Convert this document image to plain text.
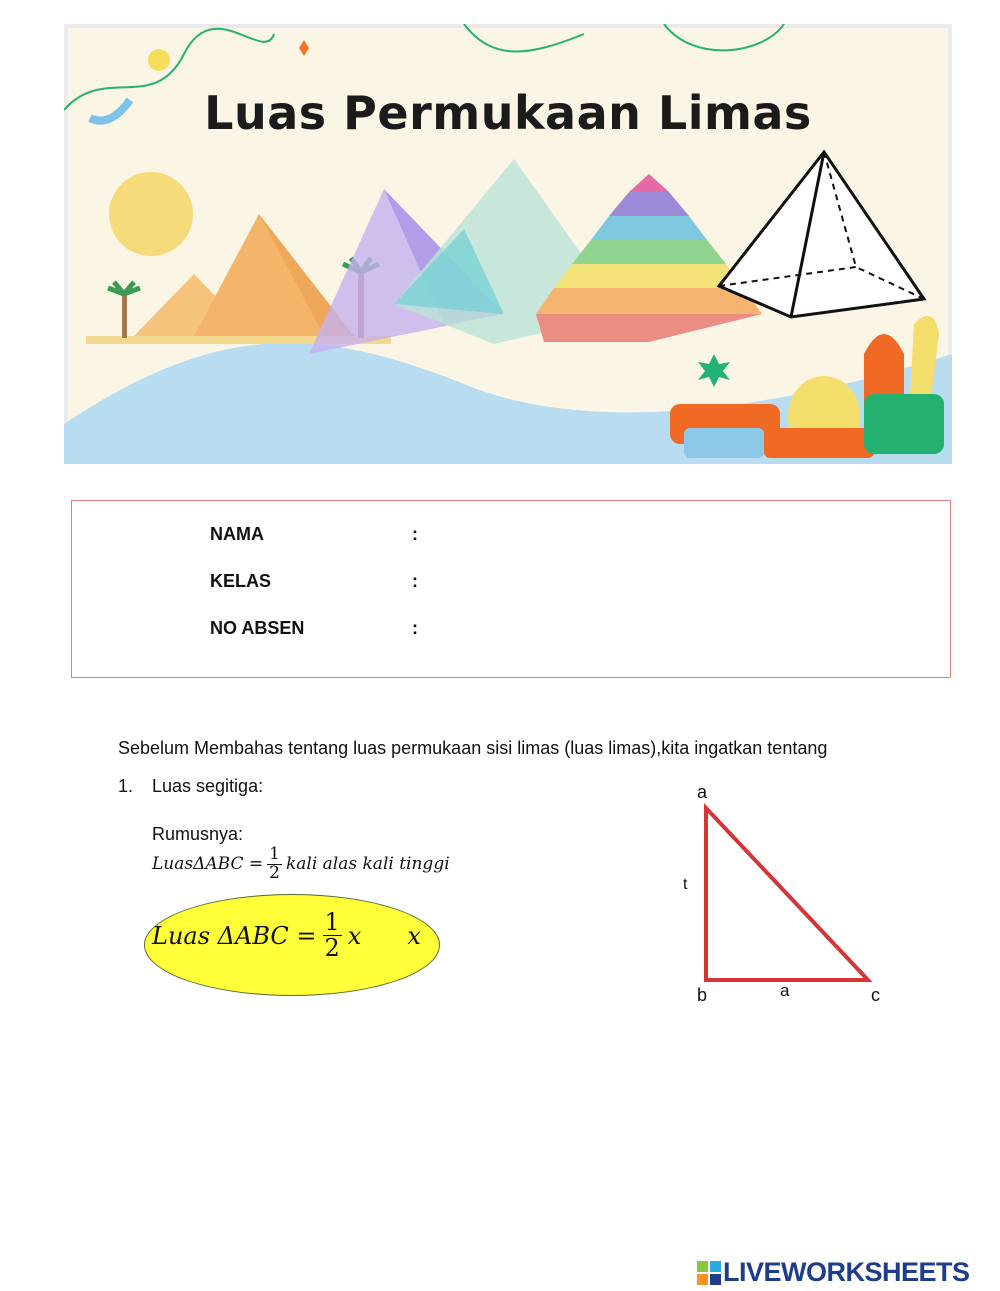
Luas Permukaan Limas
NAMA	:
KELAS	:
NO ABSEN	:
Sebelum Membahas tentang luas permukaan sisi limas (luas limas),kita ingatkan tentang
1. Luas segitiga:
Rumusnya:
LuasΔABC = $\frac{1}{2}$ kali alas kali tinggi
Luas $\Delta ABC = \frac{1}{2}$ x x
a
t
b	a	c
LIVEWORKSHEETS
